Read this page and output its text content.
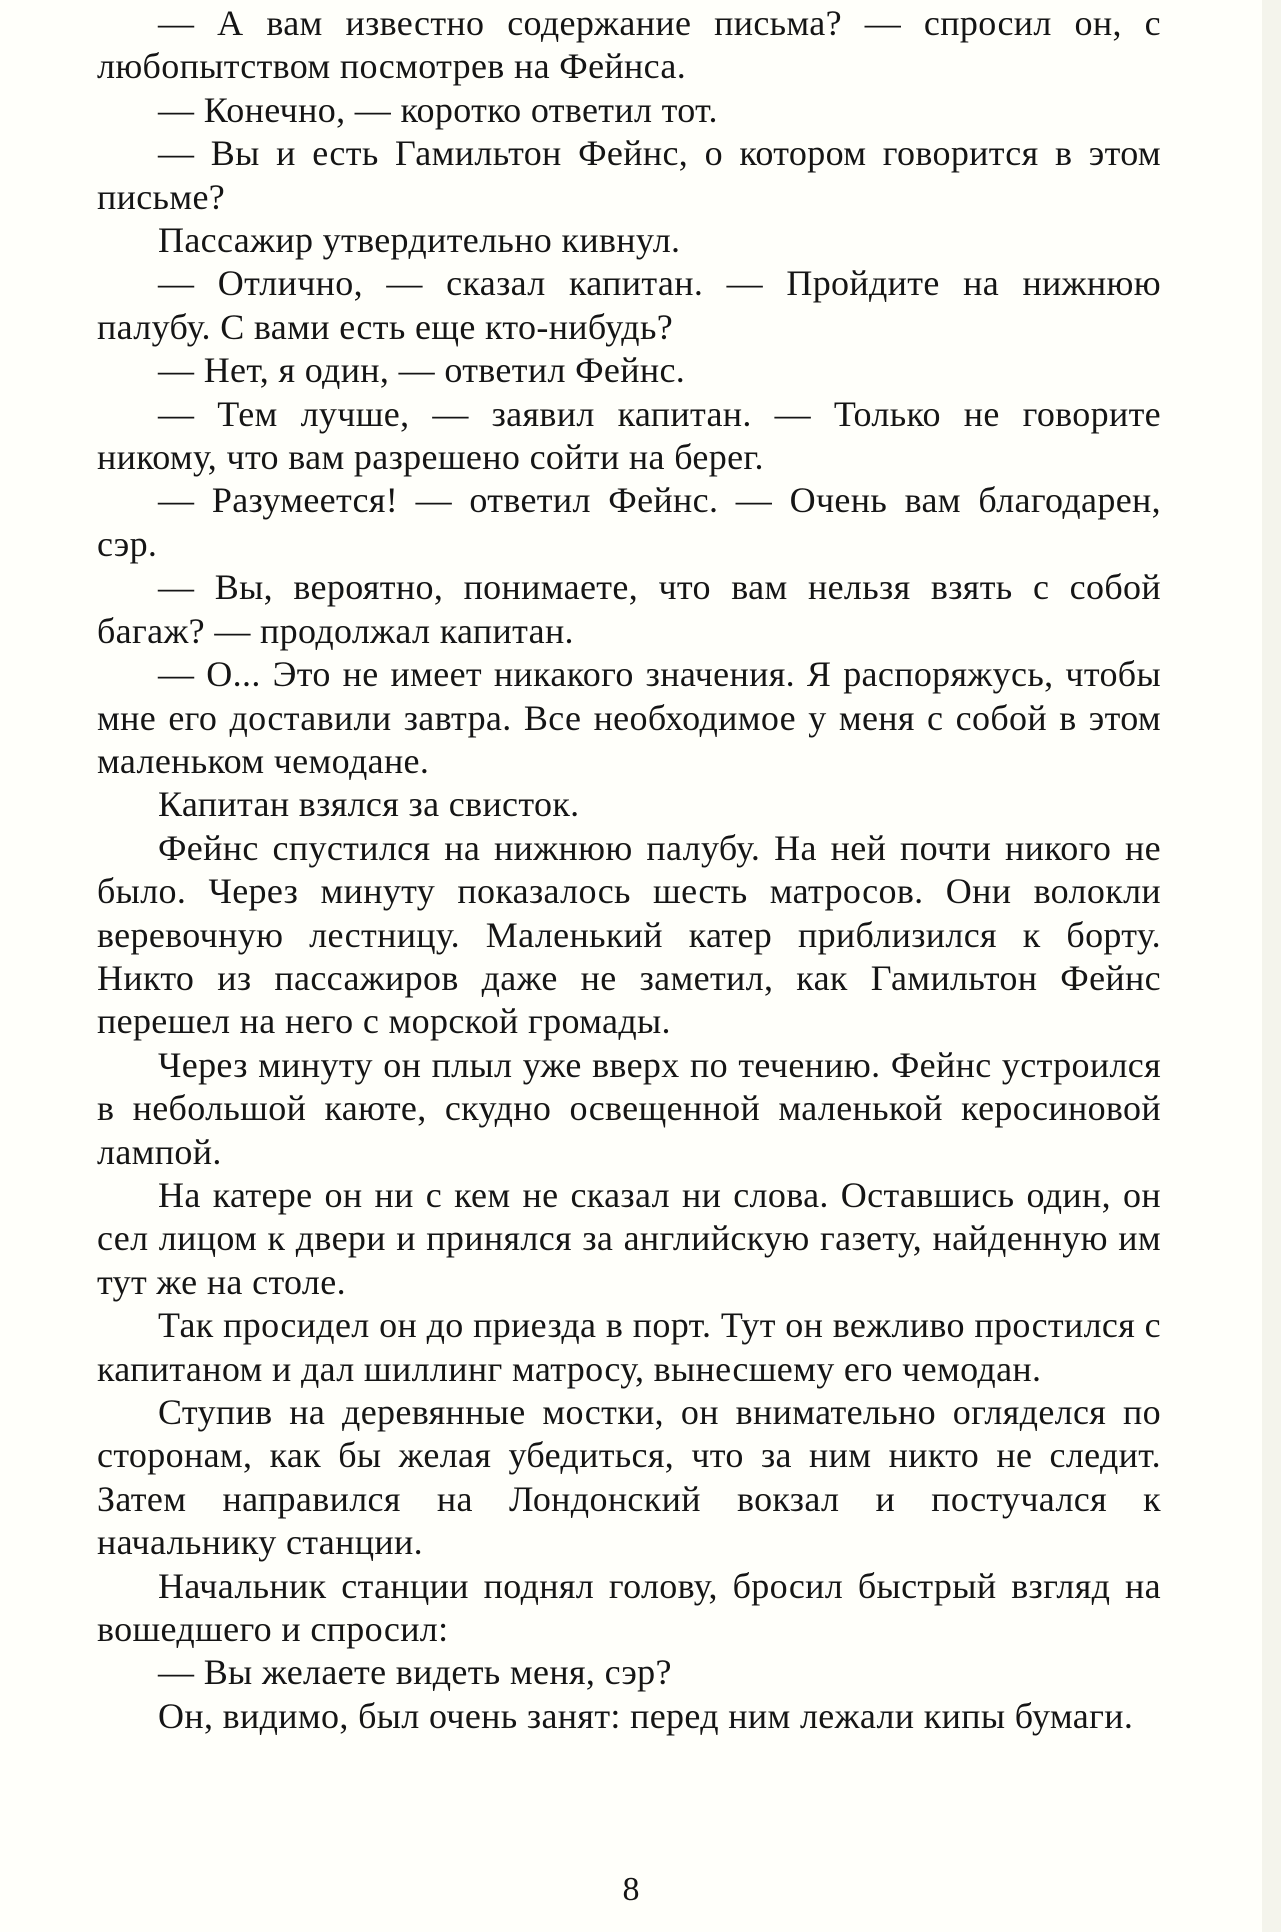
— А вам известно содержание письма? — спросил он, с любопытством посмотрев на Фейнса.

— Конечно, — коротко ответил тот.

— Вы и есть Гамильтон Фейнс, о котором говорится в этом письме?

Пассажир утвердительно кивнул.

— Отлично, — сказал капитан. — Пройдите на нижнюю палубу. С вами есть еще кто-нибудь?

— Нет, я один, — ответил Фейнс.

— Тем лучше, — заявил капитан. — Только не говорите никому, что вам разрешено сойти на берег.

— Разумеется! — ответил Фейнс. — Очень вам благодарен, сэр.

— Вы, вероятно, понимаете, что вам нельзя взять с собой багаж? — продолжал капитан.

— О... Это не имеет никакого значения. Я распоряжусь, чтобы мне его доставили завтра. Все необходимое у меня с собой в этом маленьком чемодане.

Капитан взялся за свисток.

Фейнс спустился на нижнюю палубу. На ней почти никого не было. Через минуту показалось шесть матросов. Они волокли веревочную лестницу. Маленький катер приблизился к борту. Никто из пассажиров даже не заметил, как Гамильтон Фейнс перешел на него с морской громады.

Через минуту он плыл уже вверх по течению. Фейнс устроился в небольшой каюте, скудно освещенной маленькой керосиновой лампой.

На катере он ни с кем не сказал ни слова. Оставшись один, он сел лицом к двери и принялся за английскую газету, найденную им тут же на столе.

Так просидел он до приезда в порт. Тут он вежливо простился с капитаном и дал шиллинг матросу, вынесшему его чемодан.

Ступив на деревянные мостки, он внимательно огляделся по сторонам, как бы желая убедиться, что за ним никто не следит. Затем направился на Лондонский вокзал и постучался к начальнику станции.

Начальник станции поднял голову, бросил быстрый взгляд на вошедшего и спросил:

— Вы желаете видеть меня, сэр?

Он, видимо, был очень занят: перед ним лежали кипы бумаги.

8
